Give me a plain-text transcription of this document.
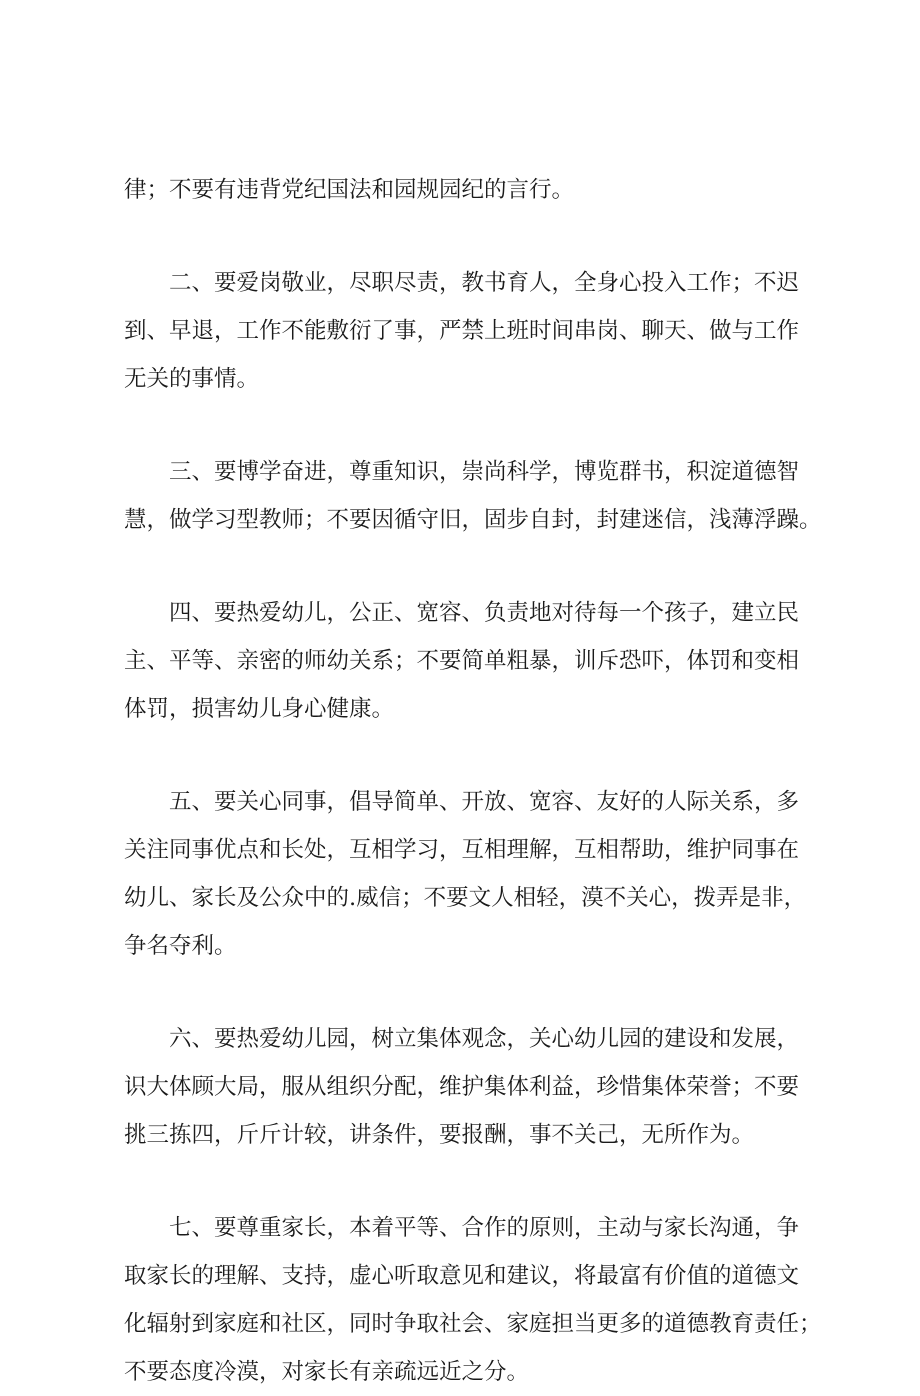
律；不要有违背党纪国法和园规园纪的言行。
二、要爱岗敬业，尽职尽责，教书育人，全身心投入工作；不迟
到、早退，工作不能敷衍了事，严禁上班时间串岗、聊天、做与工作
无关的事情。
三、要博学奋进，尊重知识，崇尚科学，博览群书，积淀道德智
慧，做学习型教师；不要因循守旧，固步自封，封建迷信，浅薄浮躁。
四、要热爱幼儿，公正、宽容、负责地对待每一个孩子，建立民
主、平等、亲密的师幼关系；不要简单粗暴，训斥恐吓，体罚和变相
体罚，损害幼儿身心健康。
五、要关心同事，倡导简单、开放、宽容、友好的人际关系，多
关注同事优点和长处，互相学习，互相理解，互相帮助，维护同事在
幼儿、家长及公众中的.威信；不要文人相轻，漠不关心，拨弄是非，
争名夺利。
六、要热爱幼儿园，树立集体观念，关心幼儿园的建设和发展，
识大体顾大局，服从组织分配，维护集体利益，珍惜集体荣誉；不要
挑三拣四，斤斤计较，讲条件，要报酬，事不关己，无所作为。
七、要尊重家长，本着平等、合作的原则，主动与家长沟通，争
取家长的理解、支持，虚心听取意见和建议，将最富有价值的道德文
化辐射到家庭和社区，同时争取社会、家庭担当更多的道德教育责任；
不要态度冷漠，对家长有亲疏远近之分。
